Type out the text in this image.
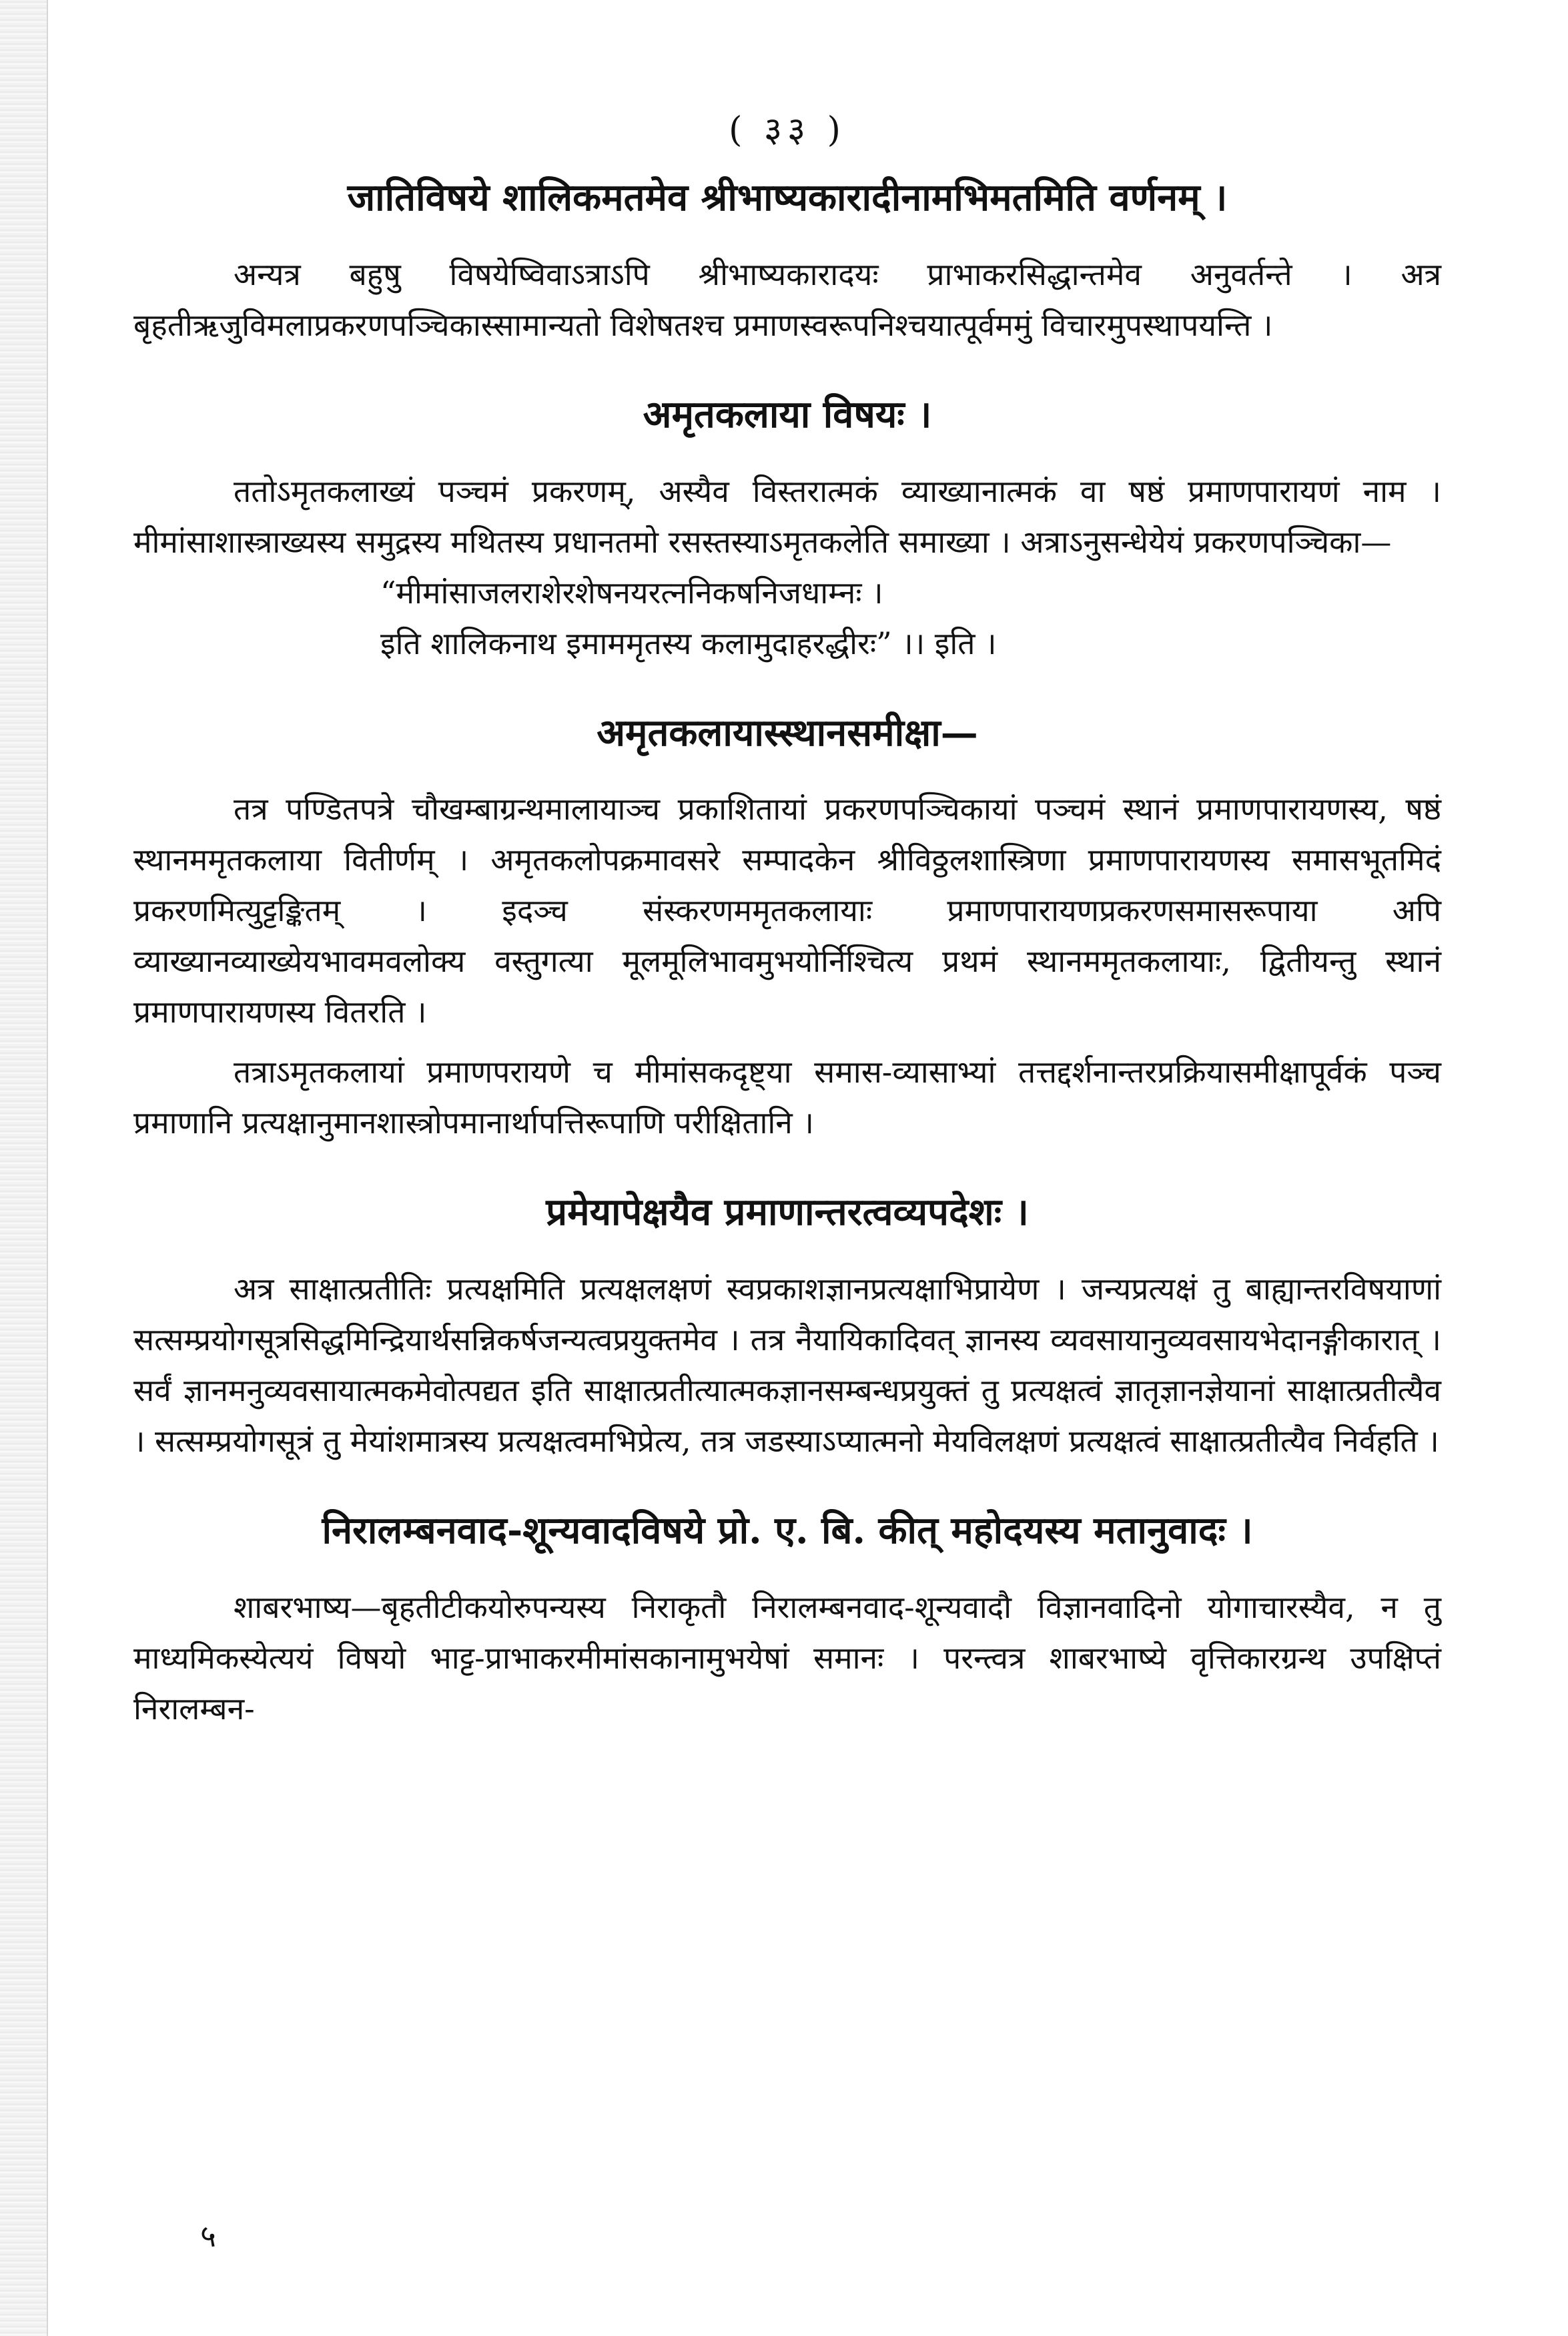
( ३३ )
जातिविषये शालिकमतमेव श्रीभाष्यकारादीनामभिमतमिति वर्णनम् ।

अन्यत्र बहुषु विषयेष्विवाऽत्राऽपि श्रीभाष्यकारादयः प्राभाकरसिद्धान्तमेव अनुवर्तन्ते । अत्र बृहतीऋजुविमलाप्रकरणपञ्चिकास्सामान्यतो विशेषतश्च प्रमाणस्वरूपनिश्चयात्पूर्वममुं विचारमुपस्थापयन्ति ।

अमृतकलाया विषयः ।

ततोऽमृतकलाख्यं पञ्चमं प्रकरणम्, अस्यैव विस्तरात्मकं व्याख्यानात्मकं वा षष्ठं प्रमाणपारायणं नाम । मीमांसाशास्त्राख्यस्य समुद्रस्य मथितस्य प्रधानतमो रसस्तस्याऽमृतकलेति समाख्या । अत्राऽनुसन्धेयेयं प्रकरणपञ्चिका—

“मीमांसाजलराशेरशेषनयरत्ननिकषनिजधाम्नः ।
इति शालिकनाथ इमाममृतस्य कलामुदाहरद्धीरः” ।। इति ।
अमृतकलायास्स्थानसमीक्षा—

तत्र पण्डितपत्रे चौखम्बाग्रन्थमालायाञ्च प्रकाशितायां प्रकरणपञ्चिकायां पञ्चमं स्थानं प्रमाणपारायणस्य, षष्ठं स्थानममृतकलाया वितीर्णम् । अमृतकलोपक्रमावसरे सम्पादकेन श्रीविठ्ठलशास्त्रिणा प्रमाणपारायणस्य समासभूतमिदं प्रकरणमित्युट्टङ्कितम् । इदञ्च संस्करणममृतकलायाः प्रमाणपारायणप्रकरणसमासरूपाया अपि व्याख्यानव्याख्येयभावमवलोक्य वस्तुगत्या मूलमूलिभावमुभयोर्निश्चित्य प्रथमं स्थानममृतकलायाः, द्वितीयन्तु स्थानं प्रमाणपारायणस्य वितरति ।

तत्राऽमृतकलायां प्रमाणपरायणे च मीमांसकदृष्ट्या समास-व्यासाभ्यां तत्तद्दर्शनान्तरप्रक्रियासमीक्षापूर्वकं पञ्च प्रमाणानि प्रत्यक्षानुमानशास्त्रोपमानार्थापत्तिरूपाणि परीक्षितानि ।

प्रमेयापेक्षयैव प्रमाणान्तरत्वव्यपदेशः ।

अत्र साक्षात्प्रतीतिः प्रत्यक्षमिति प्रत्यक्षलक्षणं स्वप्रकाशज्ञानप्रत्यक्षाभिप्रायेण । जन्यप्रत्यक्षं तु बाह्यान्तरविषयाणां सत्सम्प्रयोगसूत्रसिद्धमिन्द्रियार्थसन्निकर्षजन्यत्वप्रयुक्तमेव । तत्र नैयायिकादिवत् ज्ञानस्य व्यवसायानुव्यवसायभेदानङ्गीकारात् । सर्वं ज्ञानमनुव्यवसायात्मकमेवोत्पद्यत इति साक्षात्प्रतीत्यात्मकज्ञानसम्बन्धप्रयुक्तं तु प्रत्यक्षत्वं ज्ञातृज्ञानज्ञेयानां साक्षात्प्रतीत्यैव । सत्सम्प्रयोगसूत्रं तु मेयांशमात्रस्य प्रत्यक्षत्वमभिप्रेत्य, तत्र जडस्याऽप्यात्मनो मेयविलक्षणं प्रत्यक्षत्वं साक्षात्प्रतीत्यैव निर्वहति ।

निरालम्बनवाद-शून्यवादविषये प्रो. ए. बि. कीत् महोदयस्य मतानुवादः ।

शाबरभाष्य—बृहतीटीकयोरुपन्यस्य निराकृतौ निरालम्बनवाद-शून्यवादौ विज्ञानवादिनो योगाचारस्यैव, न तु माध्यमिकस्येत्ययं विषयो भाट्ट-प्राभाकरमीमांसकानामुभयेषां समानः । परन्त्वत्र शाबरभाष्ये वृत्तिकारग्रन्थ उपक्षिप्तं निरालम्बन-

५
